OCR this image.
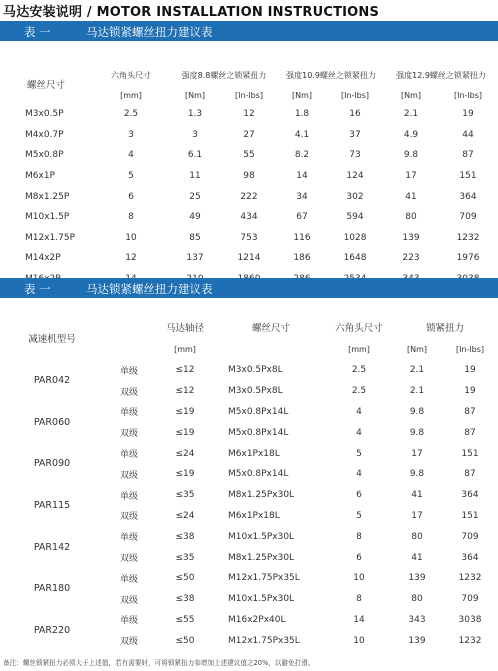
马达安装说明 / MOTOR INSTALLATION INSTRUCTIONS
表 一	马达锁紧螺丝扭力建议表
螺丝尺寸	六角头尺寸	强度8.8螺丝之锁紧扭力		强度10.9螺丝之锁紧扭力		强度12.9螺丝之锁紧扭力	
	[mm]	[Nm]	[In-lbs]	[Nm]	[In-lbs]	[Nm]	[In-lbs]
M3x0.5P	2.5	1.3	12	1.8	16	2.1	19
M4x0.7P	3	3	27	4.1	37	4.9	44
M5x0.8P	4	6.1	55	8.2	73	9.8	87
M6x1P	5	11	98	14	124	17	151
M8x1.25P	6	25	222	34	302	41	364
M10x1.5P	8	49	434	67	594	80	709
M12x1.75P	10	85	753	116	1028	139	1232
M14x2P	12	137	1214	186	1648	223	1976

表 一	马达锁紧螺丝扭力建议表
减速机型号		马达轴径	螺丝尺寸	六角头尺寸	锁紧扭力	
		[mm]		[mm]	[Nm]	[In-lbs]
PAR042	单级	≤12	M3x0.5Px8L	2.5	2.1	19
	双级	≤12	M3x0.5Px8L	2.5	2.1	19
PAR060	单级	≤19	M5x0.8Px14L	4	9.8	87
	双级	≤19	M5x0.8Px14L	4	9.8	87
PAR090	单级	≤24	M6x1Px18L	5	17	151
	双级	≤19	M5x0.8Px14L	4	9.8	87
PAR115	单级	≤35	M8x1.25Px30L	6	41	364
	双级	≤24	M6x1Px18L	5	17	151
PAR142	单级	≤38	M10x1.5Px30L	8	80	709
	双级	≤35	M8x1.25Px30L	6	41	364
PAR180	单级	≤50	M12x1.75Px35L	10	139	1232
	双级	≤38	M10x1.5Px30L	8	80	709
PAR220	单级	≤55	M16x2Px40L	14	343	3038
	双级	≤50	M12x1.75Px35L	10	139	1232
备注：螺丝锁紧扭力必须大于上述值，若有需要时，可将锁紧扭力参增加上述建议值之20%，以避免打滑。
